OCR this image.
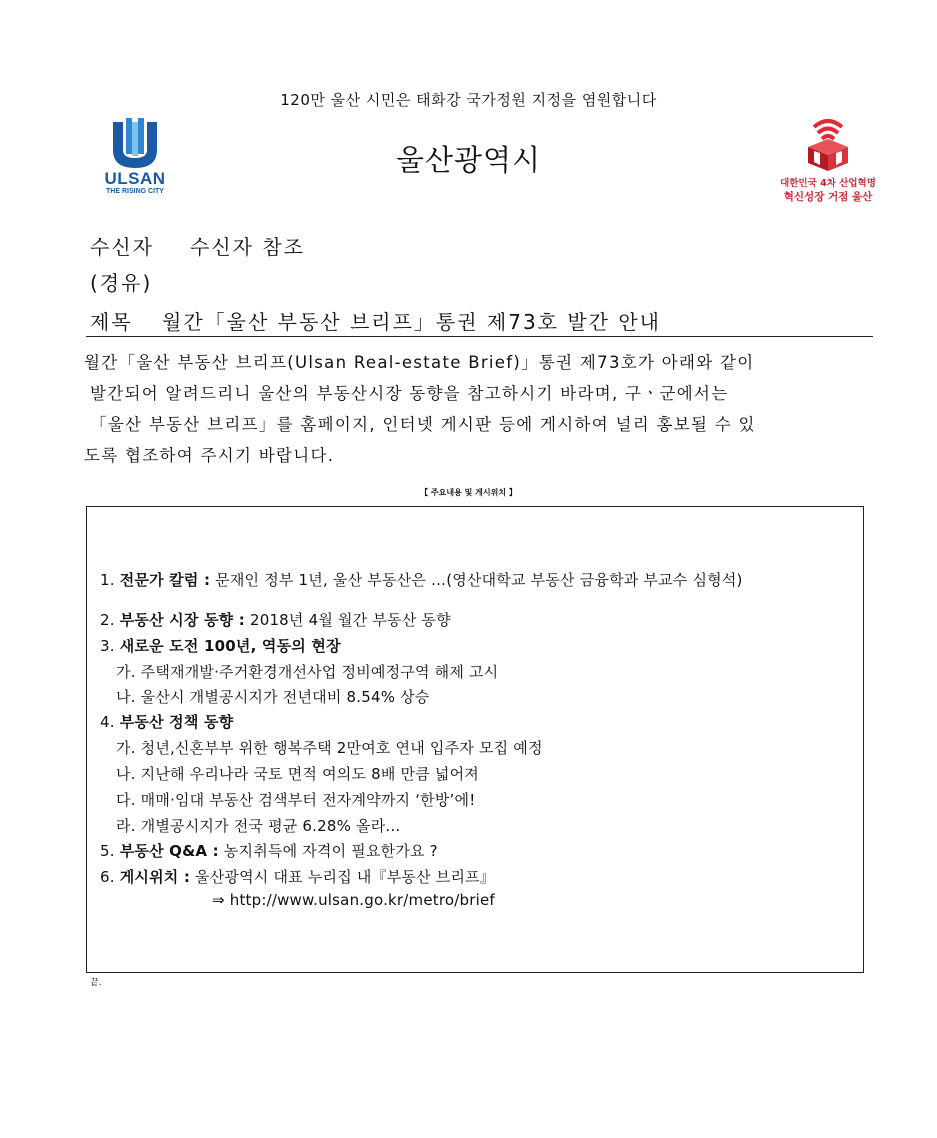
120만 울산 시민은 태화강 국가정원 지정을 염원합니다
울산광역시
ULSAN
THE RISING CITY
대한민국 4차 산업혁명
혁신성장 거점 울산
수신자 수신자 참조
(경유)
제목 월간「울산 부동산 브리프」통권 제73호 발간 안내
월간「울산 부동산 브리프(Ulsan Real-estate Brief)」통권 제73호가 아래와 같이
발간되어 알려드리니 울산의 부동산시장 동향을 참고하시기 바라며, 구ㆍ군에서는
「울산 부동산 브리프」를 홈페이지, 인터넷 게시판 등에 게시하여 널리 홍보될 수 있
도록 협조하여 주시기 바랍니다.
【 주요내용 및 게시위치 】
1. 전문가 칼럼 : 문재인 정부 1년, 울산 부동산은 …(영산대학교 부동산 금융학과 부교수 심형석)
2. 부동산 시장 동향 : 2018년 4월 월간 부동산 동향
3. 새로운 도전 100년, 역동의 현장
가. 주택재개발·주거환경개선사업 정비예정구역 해제 고시
나. 울산시 개별공시지가 전년대비 8.54% 상승
4. 부동산 정책 동향
가. 청년,신혼부부 위한 행복주택 2만여호 연내 입주자 모집 예정
나. 지난해 우리나라 국토 면적 여의도 8배 만큼 넓어져
다. 매매·임대 부동산 검색부터 전자계약까지 ‘한방’에!
라. 개별공시지가 전국 평균 6.28% 올라...
5. 부동산 Q&A : 농지취득에 자격이 필요한가요 ?
6. 게시위치 : 울산광역시 대표 누리집 내『부동산 브리프』
⇒ http://www.ulsan.go.kr/metro/brief
끝.
